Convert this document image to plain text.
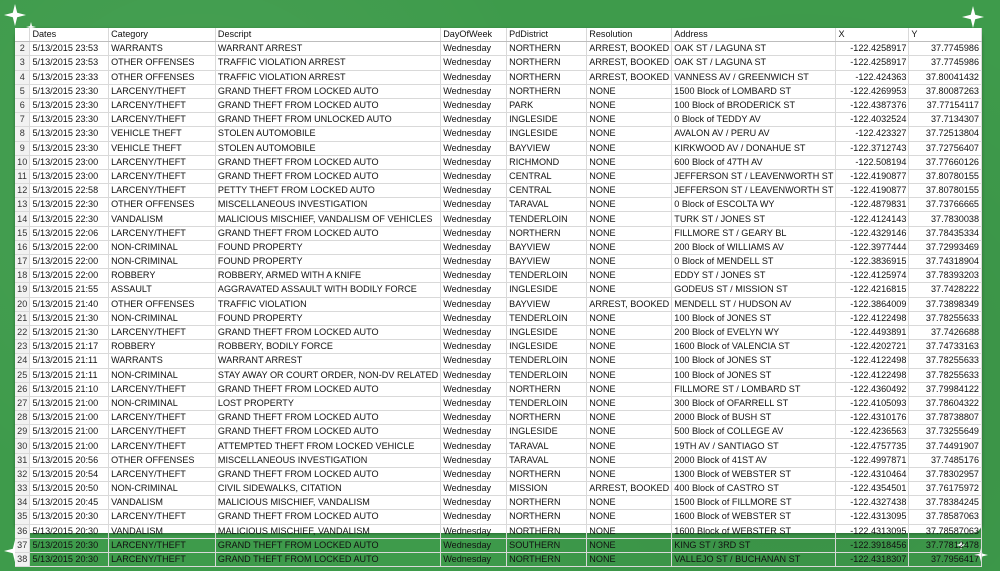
	Dates	Category	Descript	DayOfWeek	PdDistrict	Resolution	Address	X	Y
2	5/13/2015 23:53	WARRANTS	WARRANT ARREST	Wednesday	NORTHERN	ARREST, BOOKED	OAK ST / LAGUNA ST	-122.4258917	37.7745986
3	5/13/2015 23:53	OTHER OFFENSES	TRAFFIC VIOLATION ARREST	Wednesday	NORTHERN	ARREST, BOOKED	OAK ST / LAGUNA ST	-122.4258917	37.7745986
4	5/13/2015 23:33	OTHER OFFENSES	TRAFFIC VIOLATION ARREST	Wednesday	NORTHERN	ARREST, BOOKED	VANNESS AV / GREENWICH ST	-122.424363	37.80041432
5	5/13/2015 23:30	LARCENY/THEFT	GRAND THEFT FROM LOCKED AUTO	Wednesday	NORTHERN	NONE	1500 Block of LOMBARD ST	-122.4269953	37.80087263
6	5/13/2015 23:30	LARCENY/THEFT	GRAND THEFT FROM LOCKED AUTO	Wednesday	PARK	NONE	100 Block of BRODERICK ST	-122.4387376	37.77154117
7	5/13/2015 23:30	LARCENY/THEFT	GRAND THEFT FROM UNLOCKED AUTO	Wednesday	INGLESIDE	NONE	0 Block of TEDDY AV	-122.4032524	37.7134307
8	5/13/2015 23:30	VEHICLE THEFT	STOLEN AUTOMOBILE	Wednesday	INGLESIDE	NONE	AVALON AV / PERU AV	-122.423327	37.72513804
9	5/13/2015 23:30	VEHICLE THEFT	STOLEN AUTOMOBILE	Wednesday	BAYVIEW	NONE	KIRKWOOD AV / DONAHUE ST	-122.3712743	37.72756407
10	5/13/2015 23:00	LARCENY/THEFT	GRAND THEFT FROM LOCKED AUTO	Wednesday	RICHMOND	NONE	600 Block of 47TH AV	-122.508194	37.77660126
11	5/13/2015 23:00	LARCENY/THEFT	GRAND THEFT FROM LOCKED AUTO	Wednesday	CENTRAL	NONE	JEFFERSON ST / LEAVENWORTH ST	-122.4190877	37.80780155
12	5/13/2015 22:58	LARCENY/THEFT	PETTY THEFT FROM LOCKED AUTO	Wednesday	CENTRAL	NONE	JEFFERSON ST / LEAVENWORTH ST	-122.4190877	37.80780155
13	5/13/2015 22:30	OTHER OFFENSES	MISCELLANEOUS INVESTIGATION	Wednesday	TARAVAL	NONE	0 Block of ESCOLTA WY	-122.4879831	37.73766665
14	5/13/2015 22:30	VANDALISM	MALICIOUS MISCHIEF, VANDALISM OF VEHICLES	Wednesday	TENDERLOIN	NONE	TURK ST / JONES ST	-122.4124143	37.7830038
15	5/13/2015 22:06	LARCENY/THEFT	GRAND THEFT FROM LOCKED AUTO	Wednesday	NORTHERN	NONE	FILLMORE ST / GEARY BL	-122.4329146	37.78435334
16	5/13/2015 22:00	NON-CRIMINAL	FOUND PROPERTY	Wednesday	BAYVIEW	NONE	200 Block of WILLIAMS AV	-122.3977444	37.72993469
17	5/13/2015 22:00	NON-CRIMINAL	FOUND PROPERTY	Wednesday	BAYVIEW	NONE	0 Block of MENDELL ST	-122.3836915	37.74318904
18	5/13/2015 22:00	ROBBERY	ROBBERY, ARMED WITH A KNIFE	Wednesday	TENDERLOIN	NONE	EDDY ST / JONES ST	-122.4125974	37.78393203
19	5/13/2015 21:55	ASSAULT	AGGRAVATED ASSAULT WITH BODILY FORCE	Wednesday	INGLESIDE	NONE	GODEUS ST / MISSION ST	-122.4216815	37.7428222
20	5/13/2015 21:40	OTHER OFFENSES	TRAFFIC VIOLATION	Wednesday	BAYVIEW	ARREST, BOOKED	MENDELL ST / HUDSON AV	-122.3864009	37.73898349
21	5/13/2015 21:30	NON-CRIMINAL	FOUND PROPERTY	Wednesday	TENDERLOIN	NONE	100 Block of JONES ST	-122.4122498	37.78255633
22	5/13/2015 21:30	LARCENY/THEFT	GRAND THEFT FROM LOCKED AUTO	Wednesday	INGLESIDE	NONE	200 Block of EVELYN WY	-122.4493891	37.7426688
23	5/13/2015 21:17	ROBBERY	ROBBERY, BODILY FORCE	Wednesday	INGLESIDE	NONE	1600 Block of VALENCIA ST	-122.4202721	37.74733163
24	5/13/2015 21:11	WARRANTS	WARRANT ARREST	Wednesday	TENDERLOIN	NONE	100 Block of JONES ST	-122.4122498	37.78255633
25	5/13/2015 21:11	NON-CRIMINAL	STAY AWAY OR COURT ORDER, NON-DV RELATED	Wednesday	TENDERLOIN	NONE	100 Block of JONES ST	-122.4122498	37.78255633
26	5/13/2015 21:10	LARCENY/THEFT	GRAND THEFT FROM LOCKED AUTO	Wednesday	NORTHERN	NONE	FILLMORE ST / LOMBARD ST	-122.4360492	37.79984122
27	5/13/2015 21:00	NON-CRIMINAL	LOST PROPERTY	Wednesday	TENDERLOIN	NONE	300 Block of OFARRELL ST	-122.4105093	37.78604322
28	5/13/2015 21:00	LARCENY/THEFT	GRAND THEFT FROM LOCKED AUTO	Wednesday	NORTHERN	NONE	2000 Block of BUSH ST	-122.4310176	37.78738807
29	5/13/2015 21:00	LARCENY/THEFT	GRAND THEFT FROM LOCKED AUTO	Wednesday	INGLESIDE	NONE	500 Block of COLLEGE AV	-122.4236563	37.73255649
30	5/13/2015 21:00	LARCENY/THEFT	ATTEMPTED THEFT FROM LOCKED VEHICLE	Wednesday	TARAVAL	NONE	19TH AV / SANTIAGO ST	-122.4757735	37.74491907
31	5/13/2015 20:56	OTHER OFFENSES	MISCELLANEOUS INVESTIGATION	Wednesday	TARAVAL	NONE	2000 Block of 41ST AV	-122.4997871	37.7485176
32	5/13/2015 20:54	LARCENY/THEFT	GRAND THEFT FROM LOCKED AUTO	Wednesday	NORTHERN	NONE	1300 Block of WEBSTER ST	-122.4310464	37.78302957
33	5/13/2015 20:50	NON-CRIMINAL	CIVIL SIDEWALKS, CITATION	Wednesday	MISSION	ARREST, BOOKED	400 Block of CASTRO ST	-122.4354501	37.76175972
34	5/13/2015 20:45	VANDALISM	MALICIOUS MISCHIEF, VANDALISM	Wednesday	NORTHERN	NONE	1500 Block of FILLMORE ST	-122.4327438	37.78384245
35	5/13/2015 20:30	LARCENY/THEFT	GRAND THEFT FROM LOCKED AUTO	Wednesday	NORTHERN	NONE	1600 Block of WEBSTER ST	-122.4313095	37.78587063
36	5/13/2015 20:30	VANDALISM	MALICIOUS MISCHIEF, VANDALISM	Wednesday	NORTHERN	NONE	1600 Block of WEBSTER ST	-122.4313095	37.78587063
37	5/13/2015 20:30	LARCENY/THEFT	GRAND THEFT FROM LOCKED AUTO	Wednesday	SOUTHERN	NONE	KING ST / 3RD ST	-122.3918456	37.77812478
38	5/13/2015 20:30	LARCENY/THEFT	GRAND THEFT FROM LOCKED AUTO	Wednesday	NORTHERN	NONE	VALLEJO ST / BUCHANAN ST	-122.4318307	37.7956417
